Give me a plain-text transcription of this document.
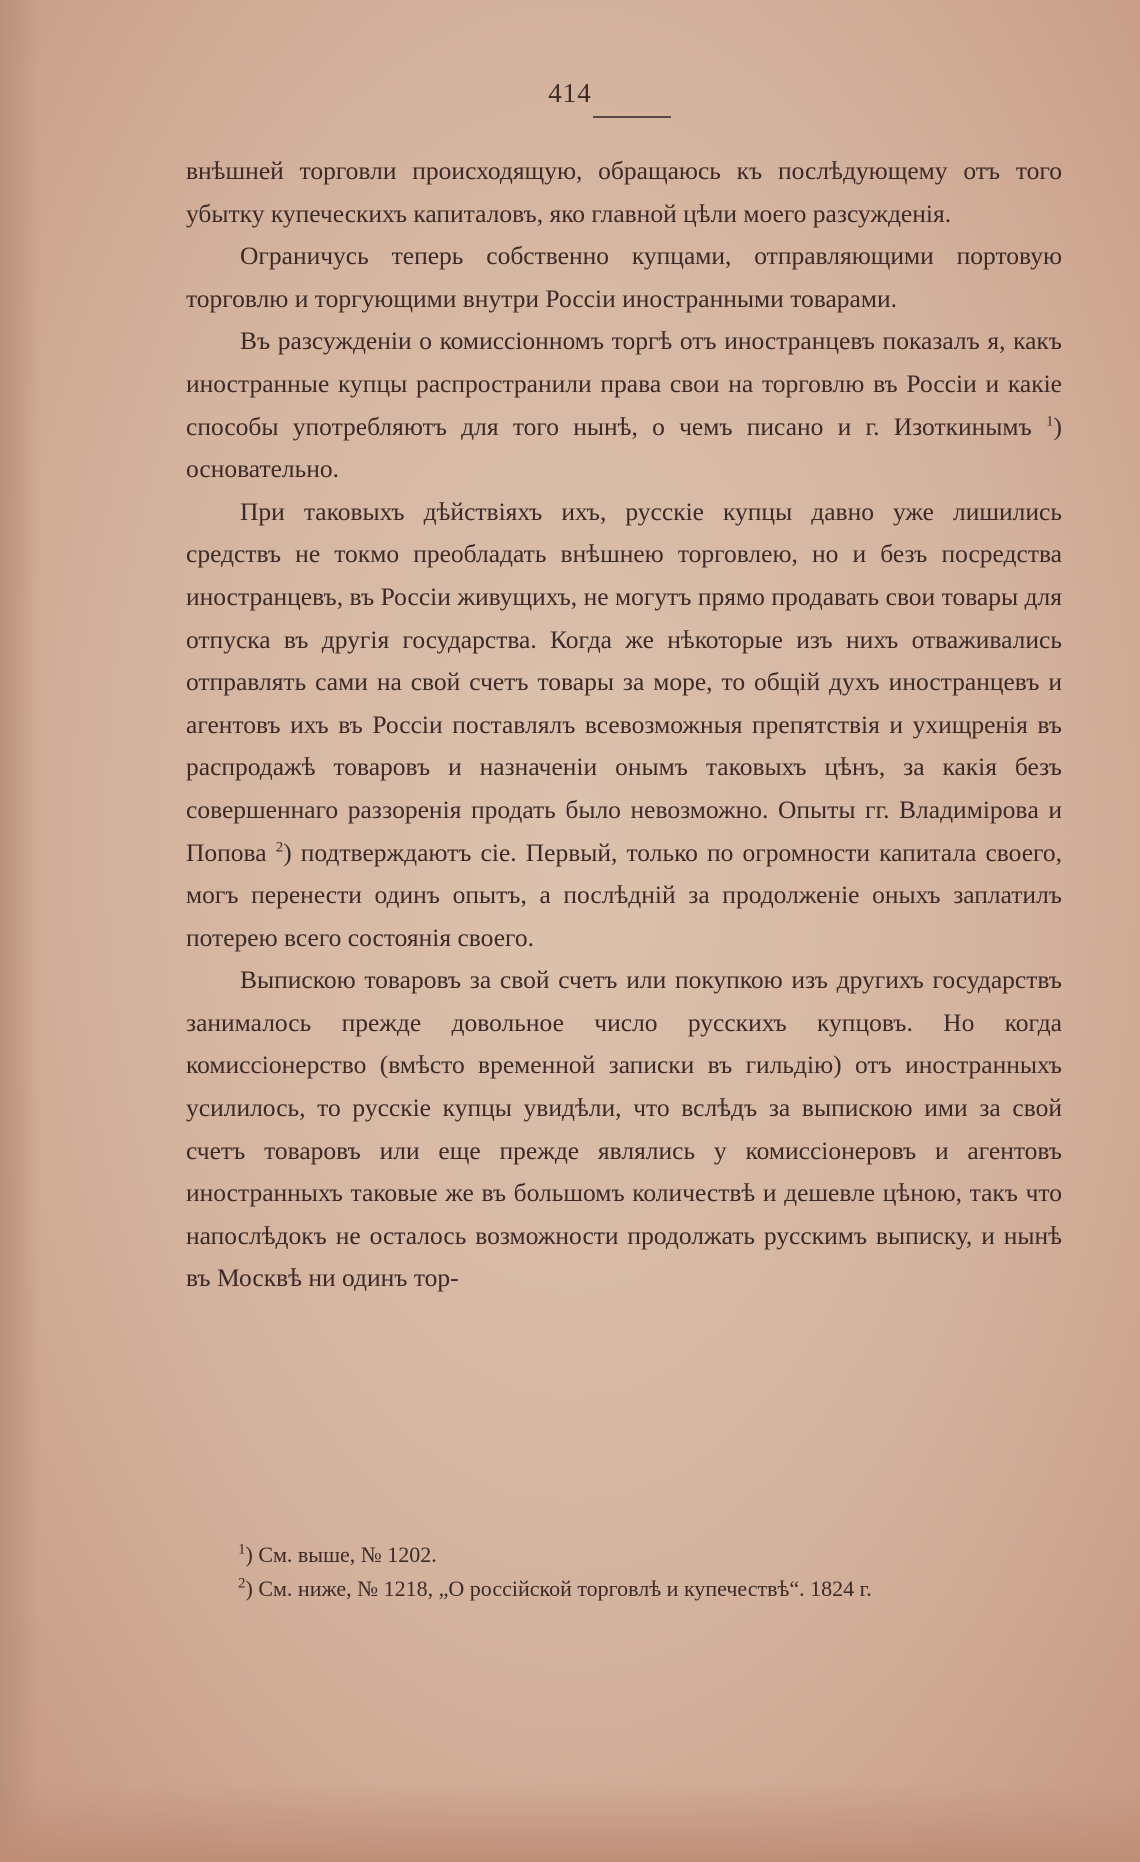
414

внѣшней торговли происходящую, обращаюсь къ послѣдующему отъ того убытку купеческихъ капиталовъ, яко главной цѣли моего разсужденія.

Ограничусь теперь собственно купцами, отправляющими портовую торговлю и торгующими внутри Россіи иностранными товарами.

Въ разсужденіи о комиссіонномъ торгѣ отъ иностранцевъ показалъ я, какъ иностранные купцы распространили права свои на торговлю въ Россіи и какіе способы употребляютъ для того нынѣ, о чемъ писано и г. Изоткинымъ $^1$) основательно.

При таковыхъ дѣйствіяхъ ихъ, русскіе купцы давно уже лишились средствъ не токмо преобладать внѣшнею торговлею, но и безъ посредства иностранцевъ, въ Россіи живущихъ, не могутъ прямо продавать свои товары для отпуска въ другія государства. Когда же нѣкоторые изъ нихъ отваживались отправлять сами на свой счетъ товары за море, то общій духъ иностранцевъ и агентовъ ихъ въ Россіи поставлялъ всевозможныя препятствія и ухищренія въ распродажѣ товаровъ и назначеніи онымъ таковыхъ цѣнъ, за какія безъ совершеннаго раззоренія продать было невозможно. Опыты гг. Владиміровa и Попова $^2$) подтверждаютъ сіе. Первый, только по огромности капитала своего, могъ перенести одинъ опытъ, а послѣдній за продолженіе оныхъ заплатилъ потерею всего состоянія своего.

Выпискою товаровъ за свой счетъ или покупкою изъ другихъ государствъ занималось прежде довольное число русскихъ купцовъ. Но когда комиссіонерство (вмѣсто временной записки въ гильдію) отъ иностранныхъ усилилось, то русскіе купцы увидѣли, что вслѣдъ за выпискою ими за свой счетъ товаровъ или еще прежде являлись у комиссіонеровъ и агентовъ иностранныхъ таковые же въ большомъ количествѣ и дешевле цѣною, такъ что напослѣдокъ не осталось возможности продолжать русскимъ выписку, и нынѣ въ Москвѣ ни одинъ тор-

$^1$) См. выше, № 1202.

$^2$) См. ниже, № 1218, „О россійской торговлѣ и купечествѣ“. 1824 г.
